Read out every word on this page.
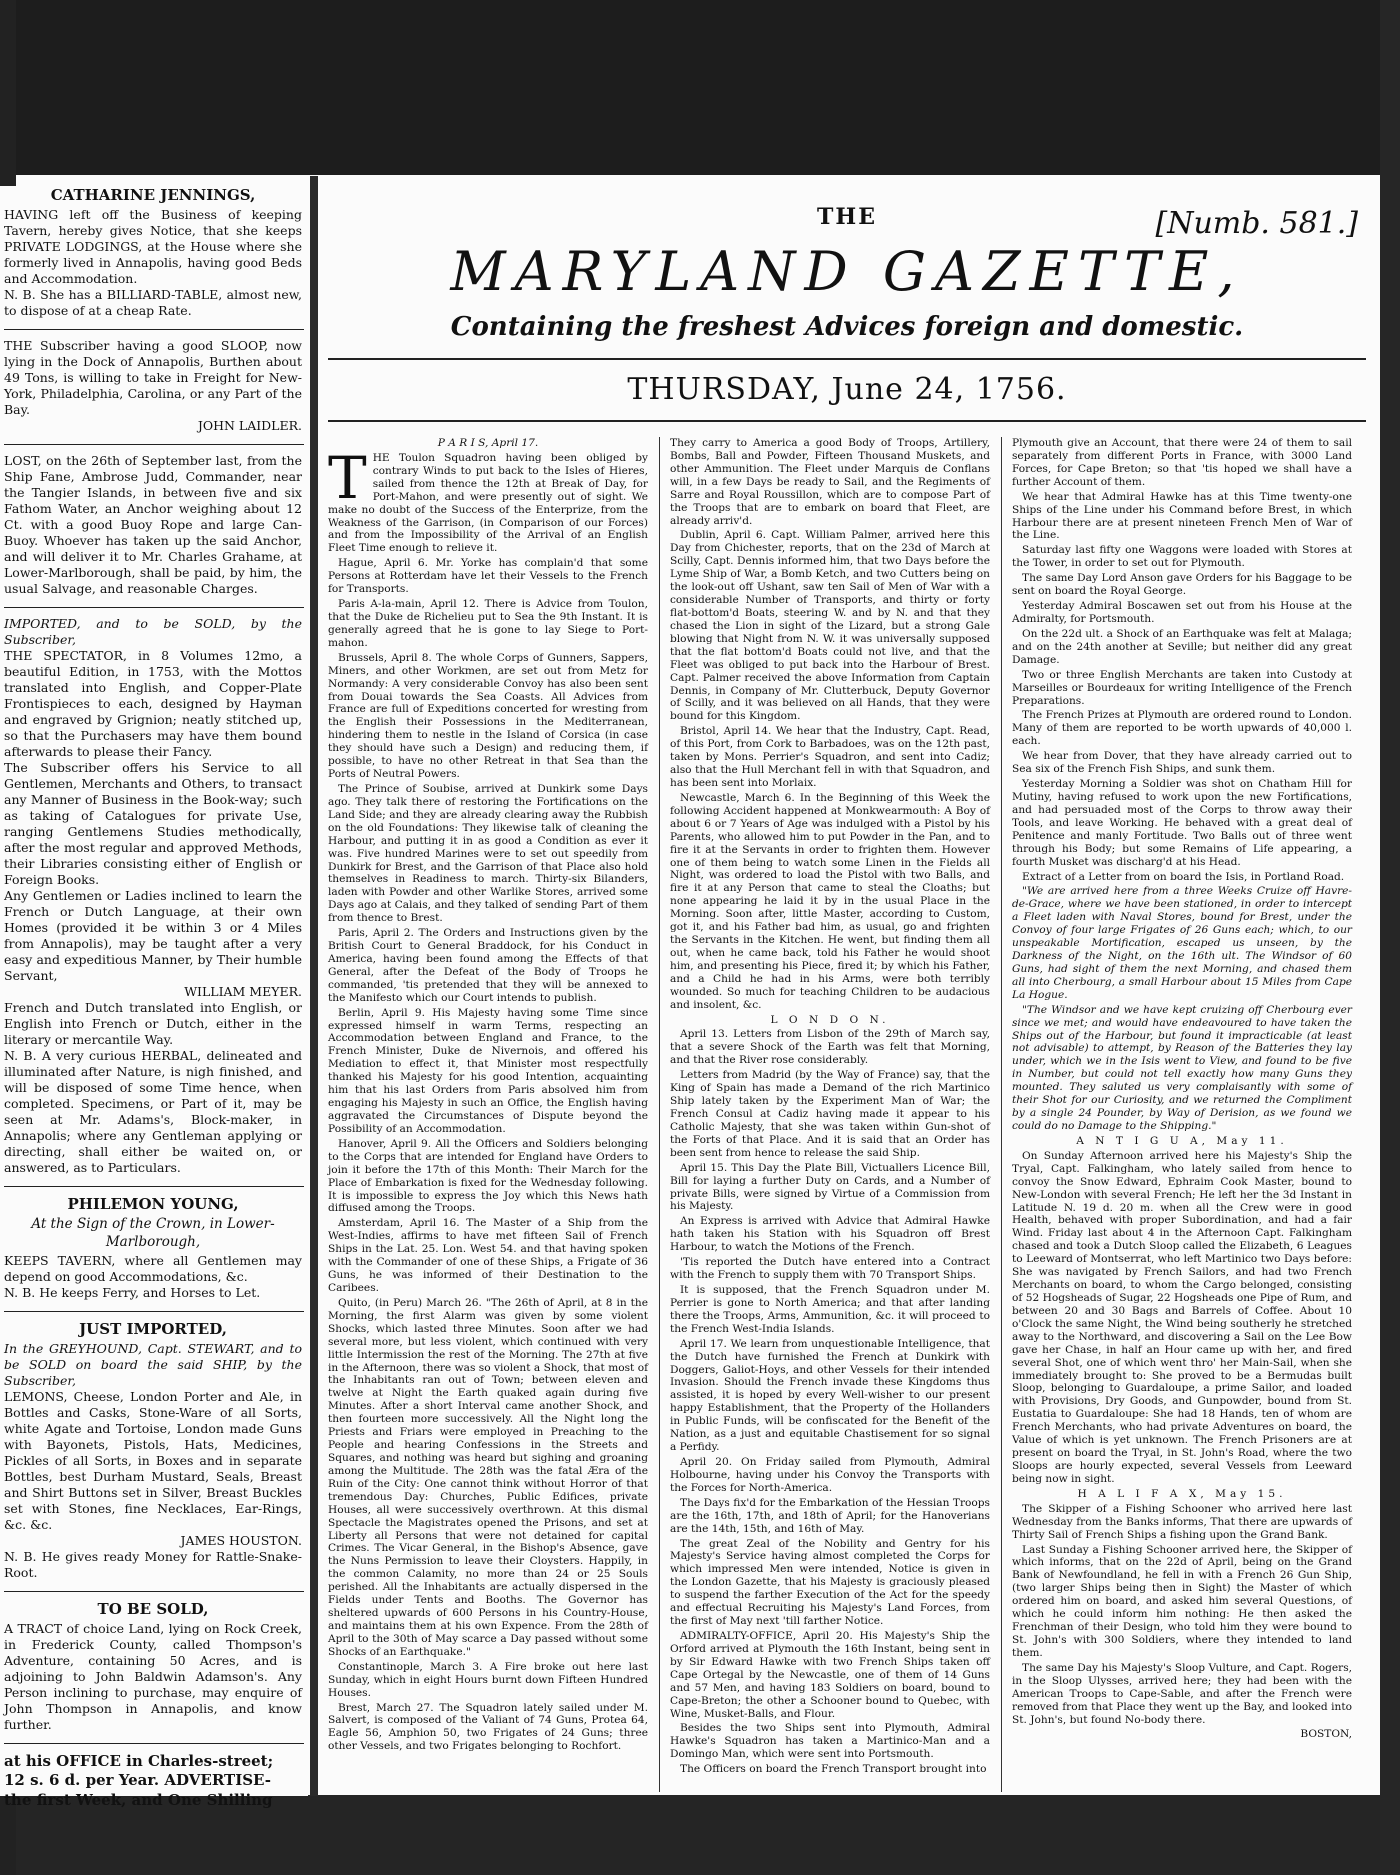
CATHARINE JENNINGS,

HAVING left off the Business of keeping Tavern, hereby gives Notice, that she keeps PRIVATE LODGINGS, at the House where she formerly lived in Annapolis, having good Beds and Accommodation.

N. B. She has a BILLIARD-TABLE, almost new, to dispose of at a cheap Rate.

THE Subscriber having a good SLOOP, now lying in the Dock of Annapolis, Burthen about 49 Tons, is willing to take in Freight for New-York, Philadelphia, Carolina, or any Part of the Bay.

JOHN LAIDLER.

LOST, on the 26th of September last, from the Ship Fane, Ambrose Judd, Commander, near the Tangier Islands, in between five and six Fathom Water, an Anchor weighing about 12 Ct. with a good Buoy Rope and large Can-Buoy. Whoever has taken up the said Anchor, and will deliver it to Mr. Charles Grahame, at Lower-Marlborough, shall be paid, by him, the usual Salvage, and reasonable Charges.

IMPORTED, and to be SOLD, by the Subscriber,

THE SPECTATOR, in 8 Volumes 12mo, a beautiful Edition, in 1753, with the Mottos translated into English, and Copper-Plate Frontispieces to each, designed by Hayman and engraved by Grignion; neatly stitched up, so that the Purchasers may have them bound afterwards to please their Fancy.

The Subscriber offers his Service to all Gentlemen, Merchants and Others, to transact any Manner of Business in the Book-way; such as taking of Catalogues for private Use, ranging Gentlemens Studies methodically, after the most regular and approved Methods, their Libraries consisting either of English or Foreign Books.

Any Gentlemen or Ladies inclined to learn the French or Dutch Language, at their own Homes (provided it be within 3 or 4 Miles from Annapolis), may be taught after a very easy and expeditious Manner, by Their humble Servant,

WILLIAM MEYER.

French and Dutch translated into English, or English into French or Dutch, either in the literary or mercantile Way.

N. B. A very curious HERBAL, delineated and illuminated after Nature, is nigh finished, and will be disposed of some Time hence, when completed. Specimens, or Part of it, may be seen at Mr. Adams's, Block-maker, in Annapolis; where any Gentleman applying or directing, shall either be waited on, or answered, as to Particulars.

PHILEMON YOUNG,

At the Sign of the Crown, in Lower-Marlborough,

KEEPS TAVERN, where all Gentlemen may depend on good Accommodations, &c.

N. B. He keeps Ferry, and Horses to Let.

JUST IMPORTED,

In the GREYHOUND, Capt. STEWART, and to be SOLD on board the said SHIP, by the Subscriber,

LEMONS, Cheese, London Porter and Ale, in Bottles and Casks, Stone-Ware of all Sorts, white Agate and Tortoise, London made Guns with Bayonets, Pistols, Hats, Medicines, Pickles of all Sorts, in Boxes and in separate Bottles, best Durham Mustard, Seals, Breast and Shirt Buttons set in Silver, Breast Buckles set with Stones, fine Necklaces, Ear-Rings, &c. &c.

JAMES HOUSTON.

N. B. He gives ready Money for Rattle-Snake-Root.

TO BE SOLD,

A TRACT of choice Land, lying on Rock Creek, in Frederick County, called Thompson's Adventure, containing 50 Acres, and is adjoining to John Baldwin Adamson's. Any Person inclining to purchase, may enquire of John Thompson in Annapolis, and know further.

at his OFFICE in Charles-street;

12 s. 6 d. per Year. ADVERTISE-

the first Week, and One Shilling

THE	[Numb. 581.]
MARYLAND GAZETTE,
Containing the freshest Advices foreign and domestic.
THURSDAY, June 24, 1756.

P A R I S, April 17.

THE Toulon Squadron having been obliged by contrary Winds to put back to the Isles of Hieres, sailed from thence the 12th at Break of Day, for Port-Mahon, and were presently out of sight. We make no doubt of the Success of the Enterprize, from the Weakness of the Garrison, (in Comparison of our Forces) and from the Impossibility of the Arrival of an English Fleet Time enough to relieve it.

Hague, April 6. Mr. Yorke has complain'd that some Persons at Rotterdam have let their Vessels to the French for Transports.

Paris A-la-main, April 12. There is Advice from Toulon, that the Duke de Richelieu put to Sea the 9th Instant. It is generally agreed that he is gone to lay Siege to Port-mahon.

Brussels, April 8. The whole Corps of Gunners, Sappers, Miners, and other Workmen, are set out from Metz for Normandy: A very considerable Convoy has also been sent from Douai towards the Sea Coasts. All Advices from France are full of Expeditions concerted for wresting from the English their Possessions in the Mediterranean, hindering them to nestle in the Island of Corsica (in case they should have such a Design) and reducing them, if possible, to have no other Retreat in that Sea than the Ports of Neutral Powers.

The Prince of Soubise, arrived at Dunkirk some Days ago. They talk there of restoring the Fortifications on the Land Side; and they are already clearing away the Rubbish on the old Foundations: They likewise talk of cleaning the Harbour, and putting it in as good a Condition as ever it was. Five hundred Marines were to set out speedily from Dunkirk for Brest, and the Garrison of that Place also hold themselves in Readiness to march. Thirty-six Bilanders, laden with Powder and other Warlike Stores, arrived some Days ago at Calais, and they talked of sending Part of them from thence to Brest.

Paris, April 2. The Orders and Instructions given by the British Court to General Braddock, for his Conduct in America, having been found among the Effects of that General, after the Defeat of the Body of Troops he commanded, 'tis pretended that they will be annexed to the Manifesto which our Court intends to publish.

Berlin, April 9. His Majesty having some Time since expressed himself in warm Terms, respecting an Accommodation between England and France, to the French Minister, Duke de Nivernois, and offered his Mediation to effect it, that Minister most respectfully thanked his Majesty for his good Intention, acquainting him that his last Orders from Paris absolved him from engaging his Majesty in such an Office, the English having aggravated the Circumstances of Dispute beyond the Possibility of an Accommodation.

Hanover, April 9. All the Officers and Soldiers belonging to the Corps that are intended for England have Orders to join it before the 17th of this Month: Their March for the Place of Embarkation is fixed for the Wednesday following. It is impossible to express the Joy which this News hath diffused among the Troops.

Amsterdam, April 16. The Master of a Ship from the West-Indies, affirms to have met fifteen Sail of French Ships in the Lat. 25. Lon. West 54. and that having spoken with the Commander of one of these Ships, a Frigate of 36 Guns, he was informed of their Destination to the Caribees.

Quito, (in Peru) March 26. "The 26th of April, at 8 in the Morning, the first Alarm was given by some violent Shocks, which lasted three Minutes. Soon after we had several more, but less violent, which continued with very little Intermission the rest of the Morning. The 27th at five in the Afternoon, there was so violent a Shock, that most of the Inhabitants ran out of Town; between eleven and twelve at Night the Earth quaked again during five Minutes. After a short Interval came another Shock, and then fourteen more successively. All the Night long the Priests and Friars were employed in Preaching to the People and hearing Confessions in the Streets and Squares, and nothing was heard but sighing and groaning among the Multitude. The 28th was the fatal Æra of the Ruin of the City: One cannot think without Horror of that tremendous Day: Churches, Public Edifices, private Houses, all were successively overthrown. At this dismal Spectacle the Magistrates opened the Prisons, and set at Liberty all Persons that were not detained for capital Crimes. The Vicar General, in the Bishop's Absence, gave the Nuns Permission to leave their Cloysters. Happily, in the common Calamity, no more than 24 or 25 Souls perished. All the Inhabitants are actually dispersed in the Fields under Tents and Booths. The Governor has sheltered upwards of 600 Persons in his Country-House, and maintains them at his own Expence. From the 28th of April to the 30th of May scarce a Day passed without some Shocks of an Earthquake."

Constantinople, March 3. A Fire broke out here last Sunday, which in eight Hours burnt down Fifteen Hundred Houses.

Brest, March 27. The Squadron lately sailed under M. Salvert, is composed of the Valiant of 74 Guns, Protea 64, Eagle 56, Amphion 50, two Frigates of 24 Guns; three other Vessels, and two Frigates belonging to Rochfort.

They carry to America a good Body of Troops, Artillery, Bombs, Ball and Powder, Fifteen Thousand Muskets, and other Ammunition. The Fleet under Marquis de Conflans will, in a few Days be ready to Sail, and the Regiments of Sarre and Royal Roussillon, which are to compose Part of the Troops that are to embark on board that Fleet, are already arriv'd.

Dublin, April 6. Capt. William Palmer, arrived here this Day from Chichester, reports, that on the 23d of March at Scilly, Capt. Dennis informed him, that two Days before the Lyme Ship of War, a Bomb Ketch, and two Cutters being on the look-out off Ushant, saw ten Sail of Men of War with a considerable Number of Transports, and thirty or forty flat-bottom'd Boats, steering W. and by N. and that they chased the Lion in sight of the Lizard, but a strong Gale blowing that Night from N. W. it was universally supposed that the flat bottom'd Boats could not live, and that the Fleet was obliged to put back into the Harbour of Brest. Capt. Palmer received the above Information from Captain Dennis, in Company of Mr. Clutterbuck, Deputy Governor of Scilly, and it was believed on all Hands, that they were bound for this Kingdom.

Bristol, April 14. We hear that the Industry, Capt. Read, of this Port, from Cork to Barbadoes, was on the 12th past, taken by Mons. Perrier's Squadron, and sent into Cadiz; also that the Hull Merchant fell in with that Squadron, and has been sent into Morlaix.

Newcastle, March 6. In the Beginning of this Week the following Accident happened at Monkwearmouth: A Boy of about 6 or 7 Years of Age was indulged with a Pistol by his Parents, who allowed him to put Powder in the Pan, and to fire it at the Servants in order to frighten them. However one of them being to watch some Linen in the Fields all Night, was ordered to load the Pistol with two Balls, and fire it at any Person that came to steal the Cloaths; but none appearing he laid it by in the usual Place in the Morning. Soon after, little Master, according to Custom, got it, and his Father bad him, as usual, go and frighten the Servants in the Kitchen. He went, but finding them all out, when he came back, told his Father he would shoot him, and presenting his Piece, fired it; by which his Father, and a Child he had in his Arms, were both terribly wounded. So much for teaching Children to be audacious and insolent, &c.

L O N D O N.

April 13. Letters from Lisbon of the 29th of March say, that a severe Shock of the Earth was felt that Morning, and that the River rose considerably.

Letters from Madrid (by the Way of France) say, that the King of Spain has made a Demand of the rich Martinico Ship lately taken by the Experiment Man of War; the French Consul at Cadiz having made it appear to his Catholic Majesty, that she was taken within Gun-shot of the Forts of that Place. And it is said that an Order has been sent from hence to release the said Ship.

April 15. This Day the Plate Bill, Victuallers Licence Bill, Bill for laying a further Duty on Cards, and a Number of private Bills, were signed by Virtue of a Commission from his Majesty.

An Express is arrived with Advice that Admiral Hawke hath taken his Station with his Squadron off Brest Harbour, to watch the Motions of the French.

'Tis reported the Dutch have entered into a Contract with the French to supply them with 70 Transport Ships.

It is supposed, that the French Squadron under M. Perrier is gone to North America; and that after landing there the Troops, Arms, Ammunition, &c. it will proceed to the French West-India Islands.

April 17. We learn from unquestionable Intelligence, that the Dutch have furnished the French at Dunkirk with Doggers, Galiot-Hoys, and other Vessels for their intended Invasion. Should the French invade these Kingdoms thus assisted, it is hoped by every Well-wisher to our present happy Establishment, that the Property of the Hollanders in Public Funds, will be confiscated for the Benefit of the Nation, as a just and equitable Chastisement for so signal a Perfidy.

April 20. On Friday sailed from Plymouth, Admiral Holbourne, having under his Convoy the Transports with the Forces for North-America.

The Days fix'd for the Embarkation of the Hessian Troops are the 16th, 17th, and 18th of April; for the Hanoverians are the 14th, 15th, and 16th of May.

The great Zeal of the Nobility and Gentry for his Majesty's Service having almost completed the Corps for which impressed Men were intended, Notice is given in the London Gazette, that his Majesty is graciously pleased to suspend the farther Execution of the Act for the speedy and effectual Recruiting his Majesty's Land Forces, from the first of May next 'till farther Notice.

ADMIRALTY-OFFICE, April 20. His Majesty's Ship the Orford arrived at Plymouth the 16th Instant, being sent in by Sir Edward Hawke with two French Ships taken off Cape Ortegal by the Newcastle, one of them of 14 Guns and 57 Men, and having 183 Soldiers on board, bound to Cape-Breton; the other a Schooner bound to Quebec, with Wine, Musket-Balls, and Flour.

Besides the two Ships sent into Plymouth, Admiral Hawke's Squadron has taken a Martinico-Man and a Domingo Man, which were sent into Portsmouth.

The Officers on board the French Transport brought into

Plymouth give an Account, that there were 24 of them to sail separately from different Ports in France, with 3000 Land Forces, for Cape Breton; so that 'tis hoped we shall have a further Account of them.

We hear that Admiral Hawke has at this Time twenty-one Ships of the Line under his Command before Brest, in which Harbour there are at present nineteen French Men of War of the Line.

Saturday last fifty one Waggons were loaded with Stores at the Tower, in order to set out for Plymouth.

The same Day Lord Anson gave Orders for his Baggage to be sent on board the Royal George.

Yesterday Admiral Boscawen set out from his House at the Admiralty, for Portsmouth.

On the 22d ult. a Shock of an Earthquake was felt at Malaga; and on the 24th another at Seville; but neither did any great Damage.

Two or three English Merchants are taken into Custody at Marseilles or Bourdeaux for writing Intelligence of the French Preparations.

The French Prizes at Plymouth are ordered round to London. Many of them are reported to be worth upwards of 40,000 l. each.

We hear from Dover, that they have already carried out to Sea six of the French Fish Ships, and sunk them.

Yesterday Morning a Soldier was shot on Chatham Hill for Mutiny, having refused to work upon the new Fortifications, and had persuaded most of the Corps to throw away their Tools, and leave Working. He behaved with a great deal of Penitence and manly Fortitude. Two Balls out of three went through his Body; but some Remains of Life appearing, a fourth Musket was discharg'd at his Head.

Extract of a Letter from on board the Isis, in Portland Road.

"We are arrived here from a three Weeks Cruize off Havre-de-Grace, where we have been stationed, in order to intercept a Fleet laden with Naval Stores, bound for Brest, under the Convoy of four large Frigates of 26 Guns each; which, to our unspeakable Mortification, escaped us unseen, by the Darkness of the Night, on the 16th ult. The Windsor of 60 Guns, had sight of them the next Morning, and chased them all into Cherbourg, a small Harbour about 15 Miles from Cape La Hogue.

"The Windsor and we have kept cruizing off Cherbourg ever since we met; and would have endeavoured to have taken the Ships out of the Harbour, but found it impracticable (at least not advisable) to attempt, by Reason of the Batteries they lay under, which we in the Isis went to View, and found to be five in Number, but could not tell exactly how many Guns they mounted. They saluted us very complaisantly with some of their Shot for our Curiosity, and we returned the Compliment by a single 24 Pounder, by Way of Derision, as we found we could do no Damage to the Shipping."

A N T I G U A, May 11.

On Sunday Afternoon arrived here his Majesty's Ship the Tryal, Capt. Falkingham, who lately sailed from hence to convoy the Snow Edward, Ephraim Cook Master, bound to New-London with several French; He left her the 3d Instant in Latitude N. 19 d. 20 m. when all the Crew were in good Health, behaved with proper Subordination, and had a fair Wind. Friday last about 4 in the Afternoon Capt. Falkingham chased and took a Dutch Sloop called the Elizabeth, 6 Leagues to Leeward of Montserrat, who left Martinico two Days before: She was navigated by French Sailors, and had two French Merchants on board, to whom the Cargo belonged, consisting of 52 Hogsheads of Sugar, 22 Hogsheads one Pipe of Rum, and between 20 and 30 Bags and Barrels of Coffee. About 10 o'Clock the same Night, the Wind being southerly he stretched away to the Northward, and discovering a Sail on the Lee Bow gave her Chase, in half an Hour came up with her, and fired several Shot, one of which went thro' her Main-Sail, when she immediately brought to: She proved to be a Bermudas built Sloop, belonging to Guardaloupe, a prime Sailor, and loaded with Provisions, Dry Goods, and Gunpowder, bound from St. Eustatia to Guardaloupe: She had 18 Hands, ten of whom are French Merchants, who had private Adventures on board, the Value of which is yet unknown. The French Prisoners are at present on board the Tryal, in St. John's Road, where the two Sloops are hourly expected, several Vessels from Leeward being now in sight.

H A L I F A X, May 15.

The Skipper of a Fishing Schooner who arrived here last Wednesday from the Banks informs, That there are upwards of Thirty Sail of French Ships a fishing upon the Grand Bank.

Last Sunday a Fishing Schooner arrived here, the Skipper of which informs, that on the 22d of April, being on the Grand Bank of Newfoundland, he fell in with a French 26 Gun Ship, (two larger Ships being then in Sight) the Master of which ordered him on board, and asked him several Questions, of which he could inform him nothing: He then asked the Frenchman of their Design, who told him they were bound to St. John's with 300 Soldiers, where they intended to land them.

The same Day his Majesty's Sloop Vulture, and Capt. Rogers, in the Sloop Ulysses, arrived here; they had been with the American Troops to Cape-Sable, and after the French were removed from that Place they went up the Bay, and looked into St. John's, but found No-body there.

BOSTON,
